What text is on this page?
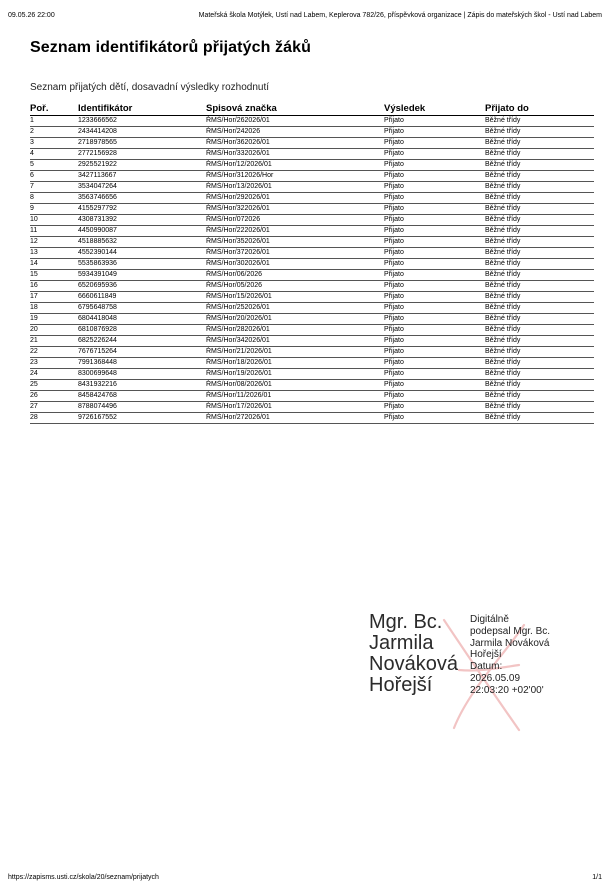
09.05.26 22:00	Mateřská škola Motýlek, Ustí nad Labem, Keplerova 782/26, příspěvková organizace | Zápis do mateřských škol - Ustí nad Labem
Seznam identifikátorů přijatých žáků
Seznam přijatých dětí, dosavadní výsledky rozhodnutí
Poř.	Identifikátor	Spisová značka	Výsledek	Přijato do
1	1233666562	ŘMŠ/Hor/262026/01	Přijato	Běžné třídy
2	2434414208	ŘMŠ/Hor/242026	Přijato	Běžné třídy
3	2718978565	ŘMŠ/Hor/362026/01	Přijato	Běžné třídy
4	2772156928	ŘMŠ/Hor/332026/01	Přijato	Běžné třídy
5	2925521922	ŘMŠ/Hor/12/2026/01	Přijato	Běžné třídy
6	3427113667	ŘMŠ/Hor/312026/Hor	Přijato	Běžné třídy
7	3534047264	ŘMŠ/Hor/13/2026/01	Přijato	Běžné třídy
8	3563746656	ŘMŠ/Hor/292026/01	Přijato	Běžné třídy
9	4155297792	ŘMŠ/Hor/322026/01	Přijato	Běžné třídy
10	4308731392	ŘMŠ/Hor/072026	Přijato	Běžné třídy
11	4450990087	ŘMŠ/Hor/222026/01	Přijato	Běžné třídy
12	4518885632	ŘMŠ/Hor/352026/01	Přijato	Běžné třídy
13	4552390144	ŘMŠ/Hor/372026/01	Přijato	Běžné třídy
14	5535863936	ŘMŠ/Hor/302026/01	Přijato	Běžné třídy
15	5934391049	ŘMŠ/Hor/06/2026	Přijato	Běžné třídy
16	6520695936	ŘMŠ/Hor/05/2026	Přijato	Běžné třídy
17	6660611849	ŘMŠ/Hor/15/2026/01	Přijato	Běžné třídy
18	6795648758	ŘMŠ/Hor/252026/01	Přijato	Běžné třídy
19	6804418048	ŘMŠ/Hor/20/2026/01	Přijato	Běžné třídy
20	6810876928	ŘMŠ/Hor/282026/01	Přijato	Běžné třídy
21	6825226244	ŘMŠ/Hor/342026/01	Přijato	Běžné třídy
22	7676715264	ŘMŠ/Hor/21/2026/01	Přijato	Běžné třídy
23	7991368448	ŘMŠ/Hor/18/2026/01	Přijato	Běžné třídy
24	8300699648	ŘMŠ/Hor/19/2026/01	Přijato	Běžné třídy
25	8431932216	ŘMŠ/Hor/08/2026/01	Přijato	Běžné třídy
26	8458424768	ŘMŠ/Hor/11/2026/01	Přijato	Běžné třídy
27	8788074496	ŘMŠ/Hor/17/2026/01	Přijato	Běžné třídy
28	9726167552	ŘMŠ/Hor/272026/01	Přijato	Běžné třídy
Mgr. Bc.
Jarmila
Nováková
Hořejší
Digitálně
podepsal Mgr. Bc.
Jarmila Nováková
Hořejší
Datum:
2026.05.09
22:03:20 +02'00'
https://zapisms.usti.cz/skola/20/seznam/prijatych	1/1
